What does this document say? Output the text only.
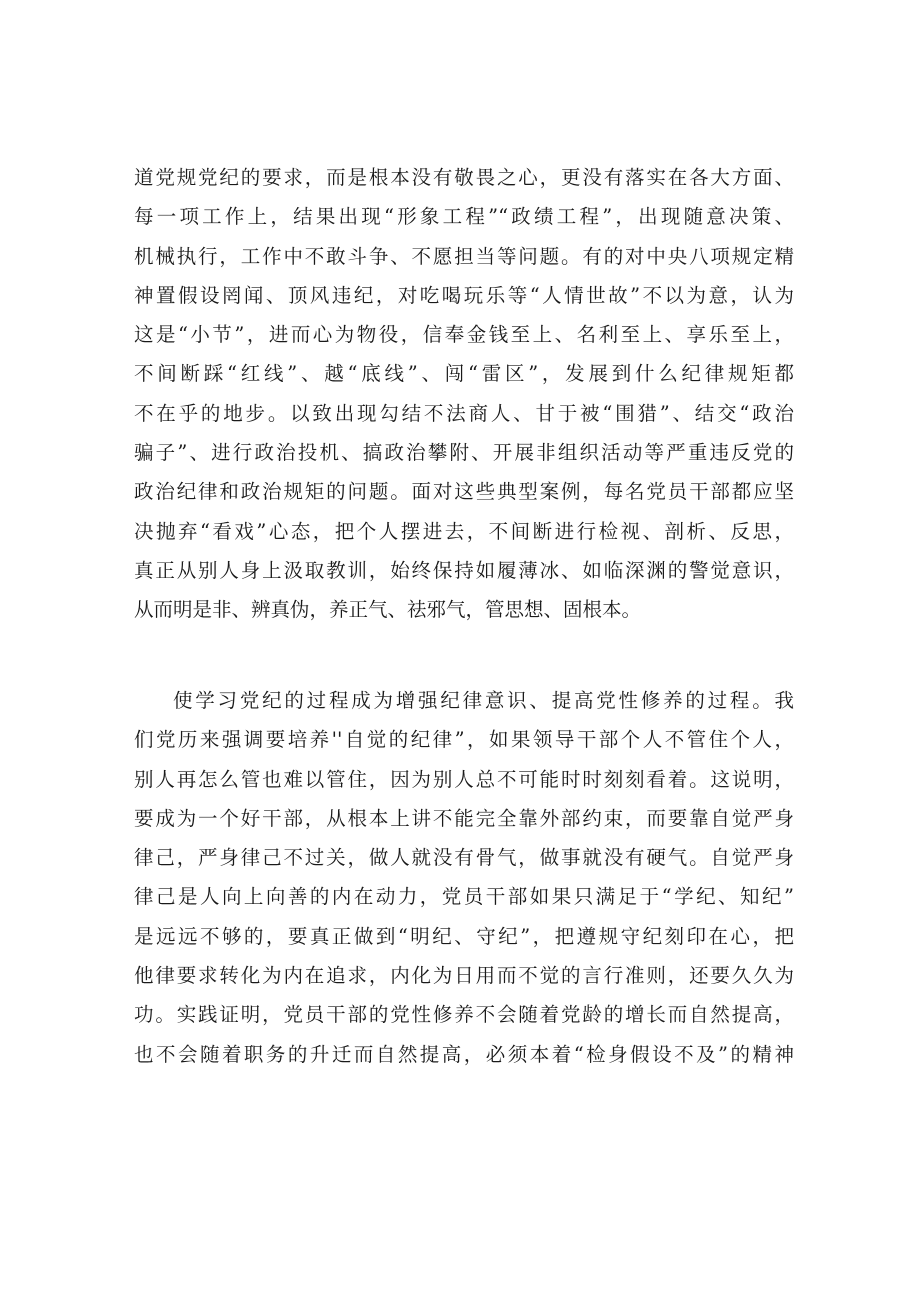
道党规党纪的要求，而是根本没有敬畏之心，更没有落实在各大方面、
每一项工作上，结果出现“形象工程”“政绩工程”，出现随意决策、
机械执行，工作中不敢斗争、不愿担当等问题。有的对中央八项规定精
神置假设罔闻、顶风违纪，对吃喝玩乐等“人情世故”不以为意，认为
这是“小节”，进而心为物役，信奉金钱至上、名利至上、享乐至上，
不间断踩“红线”、越“底线”、闯“雷区”，发展到什么纪律规矩都
不在乎的地步。以致出现勾结不法商人、甘于被“围猎”、结交“政治
骗子”、进行政治投机、搞政治攀附、开展非组织活动等严重违反党的
政治纪律和政治规矩的问题。面对这些典型案例，每名党员干部都应坚
决抛弃“看戏”心态，把个人摆进去，不间断进行检视、剖析、反思，
真正从别人身上汲取教训，始终保持如履薄冰、如临深渊的警觉意识，
从而明是非、辨真伪，养正气、祛邪气，管思想、固根本。
使学习党纪的过程成为增强纪律意识、提高党性修养的过程。我
们党历来强调要培养''自觉的纪律”，如果领导干部个人不管住个人，
别人再怎么管也难以管住，因为别人总不可能时时刻刻看着。这说明，
要成为一个好干部，从根本上讲不能完全靠外部约束，而要靠自觉严身
律己，严身律己不过关，做人就没有骨气，做事就没有硬气。自觉严身
律己是人向上向善的内在动力，党员干部如果只满足于“学纪、知纪”
是远远不够的，要真正做到“明纪、守纪”，把遵规守纪刻印在心，把
他律要求转化为内在追求，内化为日用而不觉的言行准则，还要久久为
功。实践证明，党员干部的党性修养不会随着党龄的增长而自然提高，
也不会随着职务的升迁而自然提高，必须本着“检身假设不及”的精神
